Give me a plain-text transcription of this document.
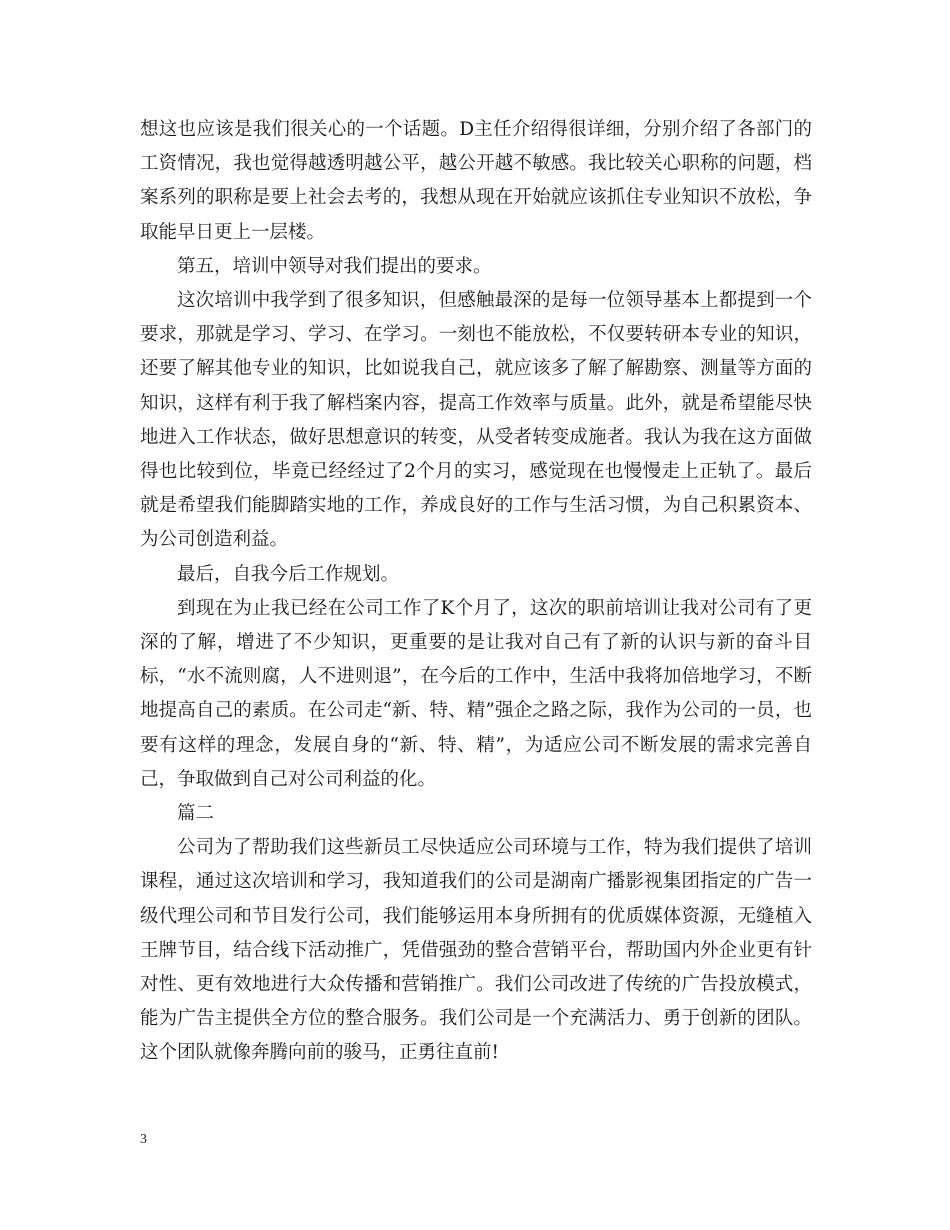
想这也应该是我们很关心的一个话题。D主任介绍得很详细，分别介绍了各部门的工资情况，我也觉得越透明越公平，越公开越不敏感。我比较关心职称的问题，档案系列的职称是要上社会去考的，我想从现在开始就应该抓住专业知识不放松，争取能早日更上一层楼。

第五，培训中领导对我们提出的要求。

这次培训中我学到了很多知识，但感触最深的是每一位领导基本上都提到一个要求，那就是学习、学习、在学习。一刻也不能放松，不仅要转研本专业的知识，还要了解其他专业的知识，比如说我自己，就应该多了解了解勘察、测量等方面的知识，这样有利于我了解档案内容，提高工作效率与质量。此外，就是希望能尽快地进入工作状态，做好思想意识的转变，从受者转变成施者。我认为我在这方面做得也比较到位，毕竟已经经过了2个月的实习，感觉现在也慢慢走上正轨了。最后就是希望我们能脚踏实地的工作，养成良好的工作与生活习惯，为自己积累资本、为公司创造利益。

最后，自我今后工作规划。

到现在为止我已经在公司工作了K个月了，这次的职前培训让我对公司有了更深的了解，增进了不少知识，更重要的是让我对自己有了新的认识与新的奋斗目标，“水不流则腐，人不进则退”，在今后的工作中，生活中我将加倍地学习，不断地提高自己的素质。在公司走“新、特、精”强企之路之际，我作为公司的一员，也要有这样的理念，发展自身的“新、特、精”，为适应公司不断发展的需求完善自己，争取做到自己对公司利益的化。

篇二

公司为了帮助我们这些新员工尽快适应公司环境与工作，特为我们提供了培训课程，通过这次培训和学习，我知道我们的公司是湖南广播影视集团指定的广告一级代理公司和节目发行公司，我们能够运用本身所拥有的优质媒体资源，无缝植入王牌节目，结合线下活动推广，凭借强劲的整合营销平台，帮助国内外企业更有针对性、更有效地进行大众传播和营销推广。我们公司改进了传统的广告投放模式，能为广告主提供全方位的整合服务。我们公司是一个充满活力、勇于创新的团队。这个团队就像奔腾向前的骏马，正勇往直前!

3
